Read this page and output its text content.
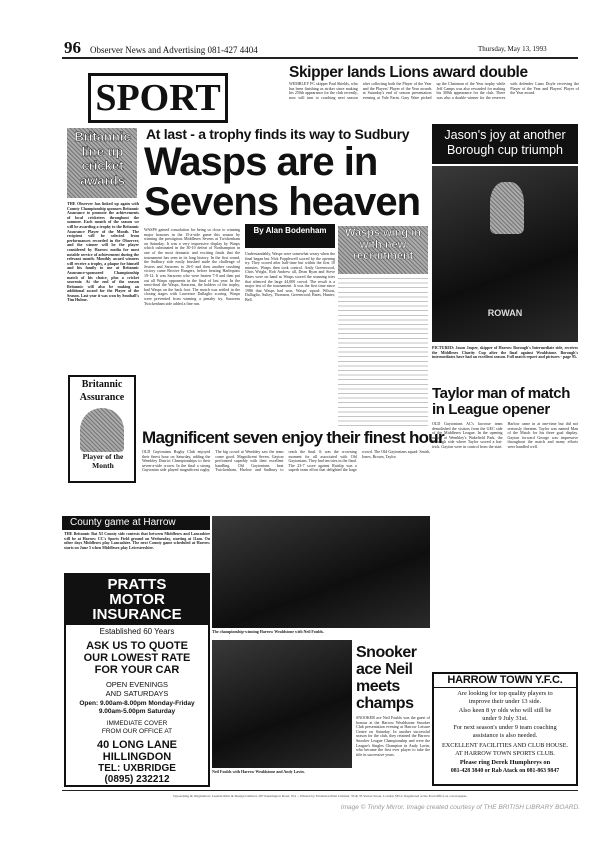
96 Observer News and Advertising 081-427 4404	Thursday, May 13, 1993
SPORT
Skipper lands Lions award double
WEMBLEY FC skipper Paul Shields, who has been finishing as striker since making his 250th appearance for the club recently, now will turn to coaching next season after collecting both the Player of the Year and the Players' Player of the Year awards at Saturday's end of season presentation evening at Vale Farm. Gary Ware picked up the Chairman of the Year trophy while Jeff Camps was also rewarded for making his 300th appearance for the club. There was also a double winner for the reserves with defender Liam Doyle receiving the Player of the Year and Players' Player of the Year award.
Britannic line up cricket awards
THE Observer has linked up again with County Championship sponsors Britannic Assurance to promote the achievements of local cricketers throughout the summer. Each month of the season we will be awarding a trophy to the Britannic Assurance Player of the Month. The recipient will be selected from performances recorded in the Observer, and the winner will be the player considered by Harrow media for most notable service of achievement during the relevant month. Monthly award winners will receive a trophy, a plaque for himself and his family to use at Britannic Assurance-sponsored Championship match of his choice, plus a cricket souvenir. At the end of the season Britannic will also be making an additional award for the Player of the Season. Last year it was won by Southall's Tim Hulme.
Britannic
Assurance
Player of the Month
At last - a trophy finds its way to Sudbury
Wasps are in Sevens heaven
WASPS gained consolation for being so close to winning major honours in the 15-a-side game this season by winning the prestigious Middlesex Sevens at Twickenham on Saturday. It was a very impressive display by Wasps which culminated in the 30-10 defeat of Northampton in one of the most dramatic and exciting finals that the tournament has seen in its long history. In the first round, the Sudbury side easily brushed aside the challenge of Jesters and Saracens to 26-0 and then another crushing victory came Bective Rangers, before beating Harlequins 19-12. It was Saracens who were beaten 7-0 and then put out all Wasps opponents in the final of last year. In the semi-final the Wasps, Saracens, the holders of the trophy, had Wasps on the back foot. The match was settled in the closing stages with Lawrence Dallaglio scoring. Wasps were prevented from winning a penalty try. Saracens Twickenham side added a fine run.
By Alan Bodenham
Understandably, Wasps were somewhat weary when the final began but Nick Popplewell scored by the opening try. They scored after half-time but within the first 10 minutes. Wasps then took control. Andy Greenwood, Chris Wright, Rob Andrew all, Dean Ryan and Steve Bates were on hand as Wasps scored the stunning tries that silenced the large 44,000 crowd. The result is a major test of the tournament. It was the first time since 1986 that Wasps had won. Wasps' squad: Wilson, Dallaglio, Sultey, Thomson, Greenwood, Bates, Hunter, Bell.
Wasps wing in with new recruitment
Jason's joy at another Borough cup triumph
ROWAN
PICTURED: Jason Jasper, skipper of Harrow Borough's Intermediate side, receives the Middlesex Charity Cup after the final against Wealdstone. Borough's intermediates have had an excellent season. Full match report and pictures - page 95.
Taylor man of match in League opener
OLD Gaytonians AC's lacrosse team demolished the visitors from the GEC side of the Middlesex League. In the opening match at Wembley's Wakefield Park, the Borough side where Taylor scored a hat-trick. Gayton were in control from the start. Harlow came in at one-time but did not seriously threaten. Taylor was named Man of the Match for his three goal display. Gayton forward George was impressive throughout the match and many efforts were handled well.
Magnificent seven enjoy their finest hour
OLD Gaytonians Rugby Club enjoyed their finest hour on Saturday, adding the Wembley District Championships to their seven-a-side crown. In the final a strong Gaytonian side played magnificent rugby. The big crowd at Wembley saw the team come good. Magnificent Seven, Gayton performed superbly with their excellent handling. Old Gaytonians beat Twickenham, Harlow and Sudbury to reach the final. It was the crowning moment for all associated with Old Gaytonians. They had ten tries in the final. The 23-7 score against Ruislip was a superb team effort that delighted the large crowd. The Old Gaytonians squad: Smith, Jones, Brown, Taylor.
County game at Harrow
THE Britannic Bat XI County side contests that between Middlesex and Lancashire will be at Harrow CC's Sports Field ground on Wednesday, starting at 11am. On other days Middlesex play Lancashire. The next County game scheduled at Harrow starts on June 5 when Middlesex play Leicestershire.
The championship-winning Harrow Wealdstone with Neil Foulds.
Neil Foulds with Harrow Wealdstone and Andy Lavin.
Snooker ace Neil meets champs
SNOOKER ace Neil Foulds was the guest of honour at the Harrow Wealdstone Snooker Club presentation evening at Harrow Leisure Centre on Saturday. In another successful season for the club, they retained the Harrow Snooker League Championship and were the League's Singles Champion in Andy Lavin, who became the first ever player to take the title in successive years.
PRATTS
MOTOR
INSURANCE
Established 60 Years
ASK US TO QUOTE
OUR LOWEST RATE
FOR YOUR CAR
OPEN EVENINGS
AND SATURDAYS
Open: 9.00am-8.00pm Monday-Friday
9.00am-5.00pm Saturday
IMMEDIATE COVER
FROM OUR OFFICE AT
40 LONG LANE
HILLINGDON
TEL: UXBRIDGE
(0895) 232212
HARROW TOWN Y.F.C.
Are looking for top quality players to
improve their under 13 side.
Also keen 8 yr olds who will still be
under 9 July 31st.
For next season's under 9 team coaching
assistance is also needed.
EXCELLENT FACILITIES AND CLUB HOUSE.
AT HARROW TOWN SPORTS CLUB.
Please ring Derek Humphreys on
081-428 3840 or Rab Atack on 081-863 9847
Typesetting & Origination: Leaside Print & Design Limited, 287 Kennington Road, W4 ... Printed by Tenterden Print Limited, 33 & 35 Sutton Street, London SE12. Registered at the Post Office as a newspaper.
Image © Trinity Mirror. Image created courtesy of THE BRITISH LIBRARY BOARD.
